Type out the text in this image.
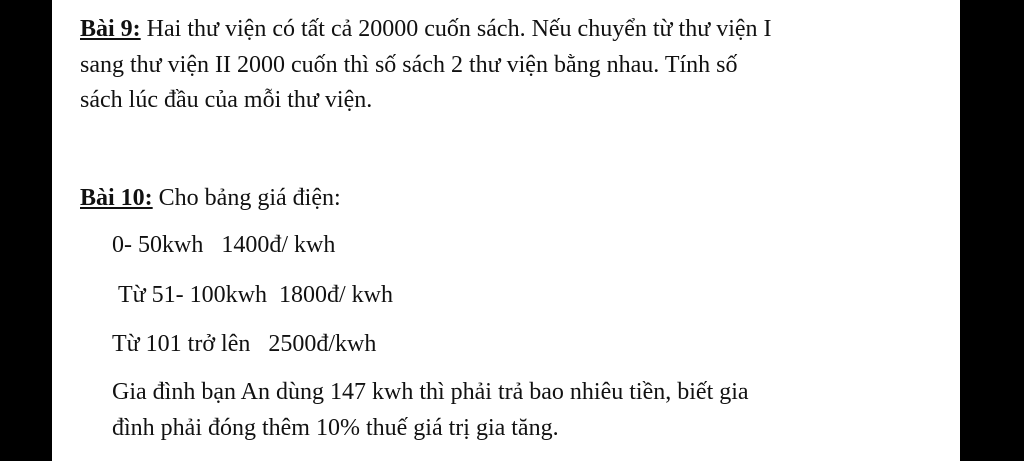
Bài 9: Hai thư viện có tất cả 20000 cuốn sách. Nếu chuyển từ thư viện I
sang thư viện II 2000 cuốn thì số sách 2 thư viện bằng nhau. Tính số
sách lúc đầu của mỗi thư viện.
Bài 10: Cho bảng giá điện:
0- 50kwh   1400đ/ kwh
Từ 51- 100kwh  1800đ/ kwh
Từ 101 trở lên   2500đ/kwh
Gia đình bạn An dùng 147 kwh thì phải trả bao nhiêu tiền, biết gia
đình phải đóng thêm 10% thuế giá trị gia tăng.
